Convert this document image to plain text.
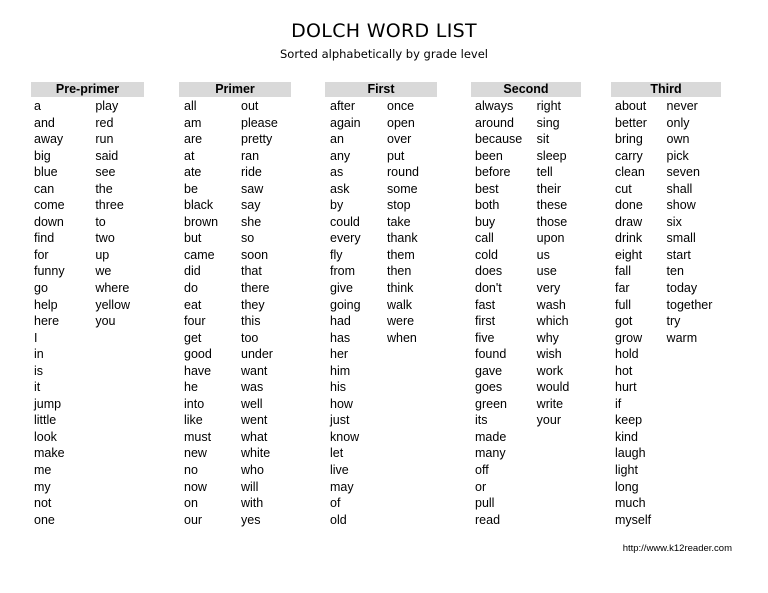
DOLCH WORD LIST
Sorted alphabetically by grade level
Pre-primer
a
and
away
big
blue
can
come
down
find
for
funny
go
help
here
I
in
is
it
jump
little
look
make
me
my
not
one
play
red
run
said
see
the
three
to
two
up
we
where
yellow
you
Primer
all
am
are
at
ate
be
black
brown
but
came
did
do
eat
four
get
good
have
he
into
like
must
new
no
now
on
our
out
please
pretty
ran
ride
saw
say
she
so
soon
that
there
they
this
too
under
want
was
well
went
what
white
who
will
with
yes
First
after
again
an
any
as
ask
by
could
every
fly
from
give
going
had
has
her
him
his
how
just
know
let
live
may
of
old
once
open
over
put
round
some
stop
take
thank
them
then
think
walk
were
when
Second
always
around
because
been
before
best
both
buy
call
cold
does
don't
fast
first
five
found
gave
goes
green
its
made
many
off
or
pull
read
right
sing
sit
sleep
tell
their
these
those
upon
us
use
very
wash
which
why
wish
work
would
write
your
Third
about
better
bring
carry
clean
cut
done
draw
drink
eight
fall
far
full
got
grow
hold
hot
hurt
if
keep
kind
laugh
light
long
much
myself
never
only
own
pick
seven
shall
show
six
small
start
ten
today
together
try
warm
http://www.k12reader.com
